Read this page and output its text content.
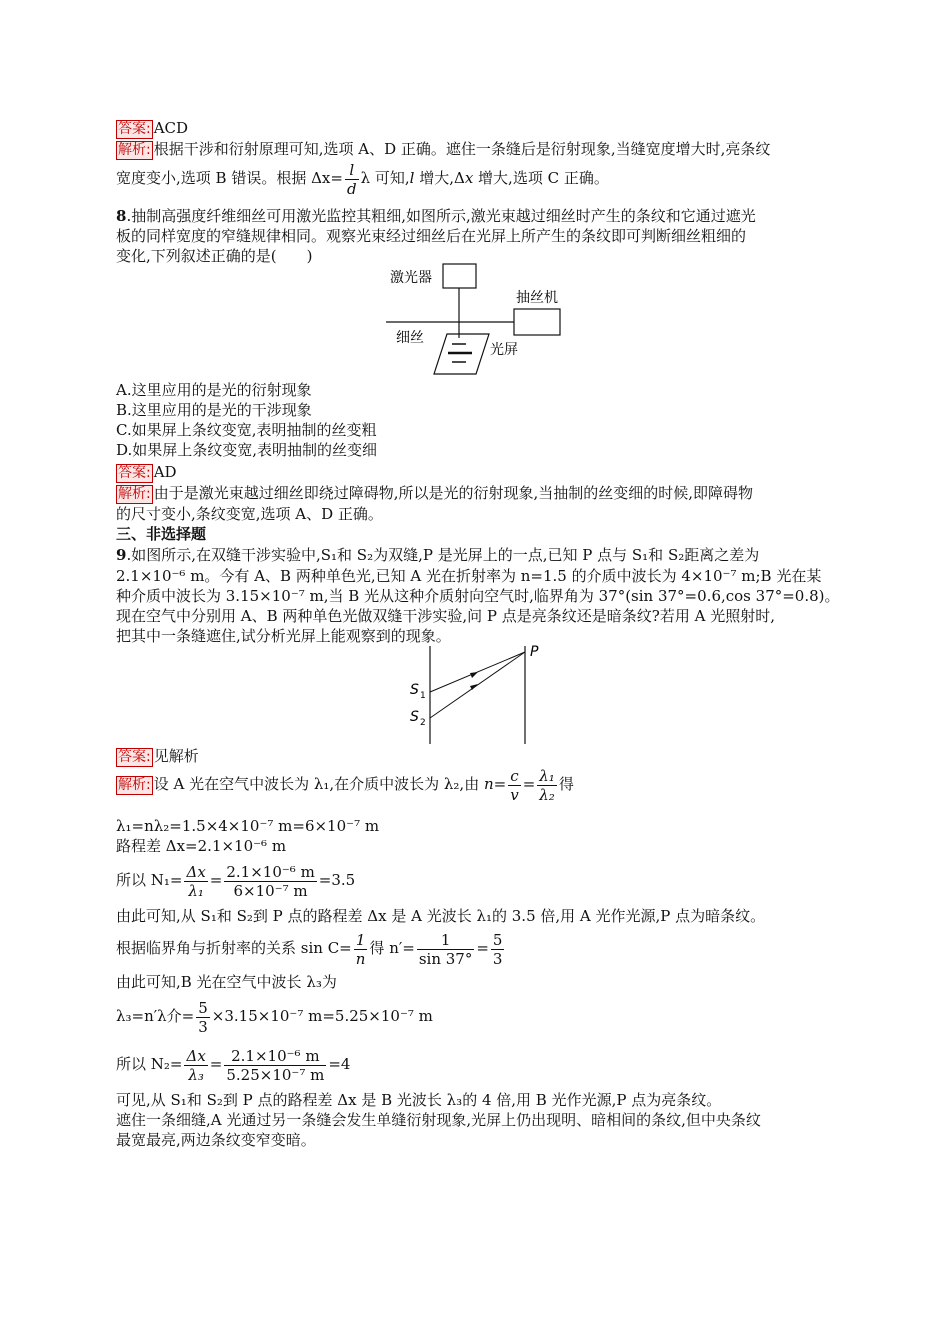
答案: ACD
解析: 根据干涉和衍射原理可知,选项 A、D 正确。遮住一条缝后是衍射现象,当缝宽度增大时,亮条纹
宽度变小,选项 B 错误。根据 $\Delta x= \frac{l}{d}$ λ 可知,l 增大,Δx 增大,选项 C 正确。
8.抽制高强度纤维细丝可用激光监控其粗细,如图所示,激光束越过细丝时产生的条纹和它通过遮光
板的同样宽度的窄缝规律相同。观察光束经过细丝后在光屏上所产生的条纹即可判断细丝粗细的
变化,下列叙述正确的是(　　)
激光器
抽丝机
细丝
光屏
A.这里应用的是光的衍射现象
B.这里应用的是光的干涉现象
C.如果屏上条纹变宽,表明抽制的丝变粗
D.如果屏上条纹变宽,表明抽制的丝变细
答案: AD
解析: 由于是激光束越过细丝即绕过障碍物,所以是光的衍射现象,当抽制的丝变细的时候,即障碍物
的尺寸变小,条纹变宽,选项 A、D 正确。
三、非选择题
9.如图所示,在双缝干涉实验中,S₁和 S₂为双缝,P 是光屏上的一点,已知 P 点与 S₁和 S₂距离之差为
2.1×10⁻⁶ m。今有 A、B 两种单色光,已知 A 光在折射率为 n=1.5 的介质中波长为 4×10⁻⁷ m;B 光在某
种介质中波长为 3.15×10⁻⁷ m,当 B 光从这种介质射向空气时,临界角为 37°(sin 37°=0.6,cos 37°=0.8)。
现在空气中分别用 A、B 两种单色光做双缝干涉实验,问 P 点是亮条纹还是暗条纹?若用 A 光照射时,
把其中一条缝遮住,试分析光屏上能观察到的现象。
P
S 1
S 2
答案: 见解析
解析: 设 A 光在空气中波长为 λ₁,在介质中波长为 λ₂,由 $n= \frac{c}{v} = \frac{\text{λ₁}}{\text{λ₂}}$ 得
λ₁=nλ₂=1.5×4×10⁻⁷ m=6×10⁻⁷ m
路程差 Δx=2.1×10⁻⁶ m
所以 $N_1= \frac{\Delta x}{\text{λ₁}} = \frac{\text{2.1×10⁻⁶ m}}{\text{6×10⁻⁷ m}} =3.5$
由此可知,从 S₁和 S₂到 P 点的路程差 Δx 是 A 光波长 λ₁的 3.5 倍,用 A 光作光源,P 点为暗条纹。
根据临界角与折射率的关系 $\sin C= \frac{1}{n}$ 得 $n'= \frac{1}{\sin 37^\circ} = \frac{5}{3}$
由此可知,B 光在空气中波长 λ₃为
λ₃=n′λ介= $\frac{5}{3} \times 3.15\times 10^{-7}$ m=5.25×10⁻⁷ m
所以 $N_2= \frac{\Delta x}{\text{λ₃}} = \frac{\text{2.1×10⁻⁶ m}}{\text{5.25×10⁻⁷ m}} =4$
可见,从 S₁和 S₂到 P 点的路程差 Δx 是 B 光波长 λ₃的 4 倍,用 B 光作光源,P 点为亮条纹。
遮住一条细缝,A 光通过另一条缝会发生单缝衍射现象,光屏上仍出现明、暗相间的条纹,但中央条纹
最宽最亮,两边条纹变窄变暗。
